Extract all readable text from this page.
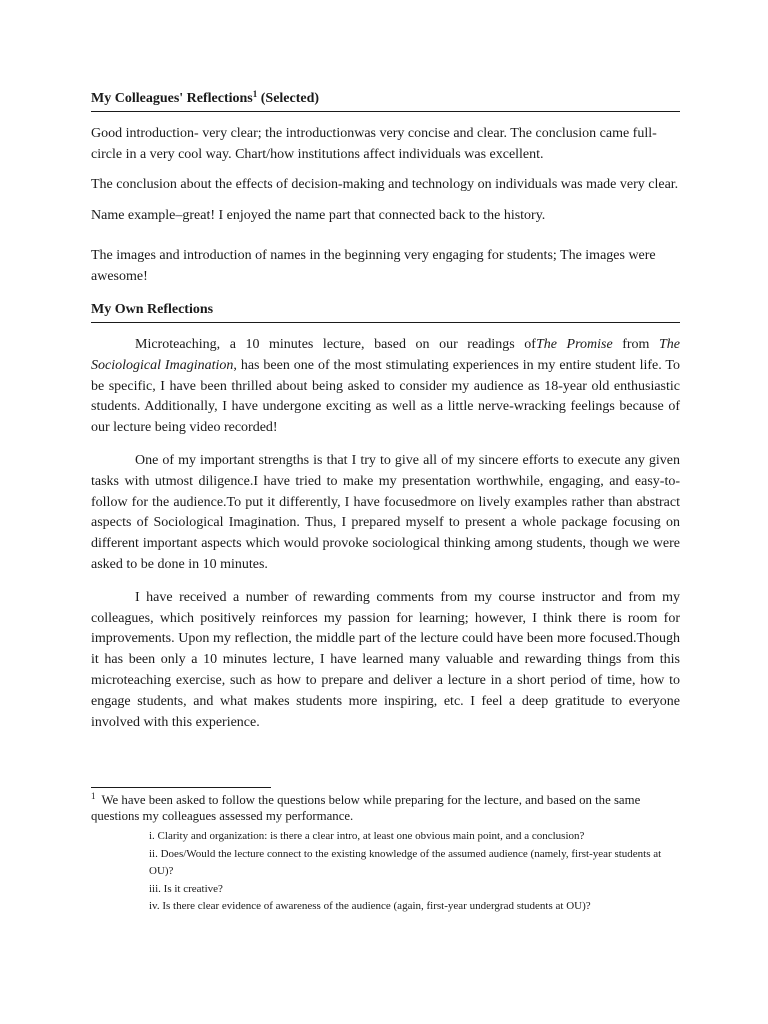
My Colleagues' Reflections$^1$ (Selected)

Good introduction- very clear; the introductionwas very concise and clear. The conclusion came full-circle in a very cool way. Chart/how institutions affect individuals was excellent.

The conclusion about the effects of decision-making and technology on individuals was made very clear.

Name example–great! I enjoyed the name part that connected back to the history.

The images and introduction of names in the beginning very engaging for students; The images were awesome!

My Own Reflections

Microteaching, a 10 minutes lecture, based on our readings ofThe Promise from The Sociological Imagination, has been one of the most stimulating experiences in my entire student life. To be specific, I have been thrilled about being asked to consider my audience as 18-year old enthusiastic students. Additionally, I have undergone exciting as well as a little nerve-wracking feelings because of our lecture being video recorded!

One of my important strengths is that I try to give all of my sincere efforts to execute any given tasks with utmost diligence.I have tried to make my presentation worthwhile, engaging, and easy-to-follow for the audience.To put it differently, I have focusedmore on lively examples rather than abstract aspects of Sociological Imagination. Thus, I prepared myself to present a whole package focusing on different important aspects which would provoke sociological thinking among students, though we were asked to be done in 10 minutes.

I have received a number of rewarding comments from my course instructor and from my colleagues, which positively reinforces my passion for learning; however, I think there is room for improvements. Upon my reflection, the middle part of the lecture could have been more focused.Though it has been only a 10 minutes lecture, I have learned many valuable and rewarding things from this microteaching exercise, such as how to prepare and deliver a lecture in a short period of time, how to engage students, and what makes students more inspiring, etc. I feel a deep gratitude to everyone involved with this experience.

$^1$ We have been asked to follow the questions below while preparing for the lecture, and based on the same questions my colleagues assessed my performance.
i. Clarity and organization: is there a clear intro, at least one obvious main point, and a conclusion?
ii. Does/Would the lecture connect to the existing knowledge of the assumed audience (namely, first-year students at OU)?
iii. Is it creative?
iv. Is there clear evidence of awareness of the audience (again, first-year undergrad students at OU)?
